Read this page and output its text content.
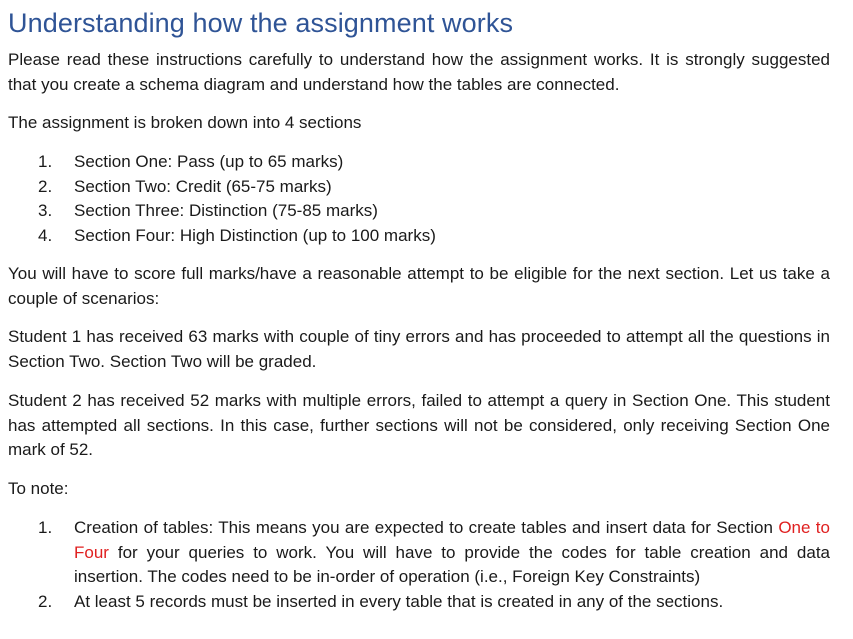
Understanding how the assignment works

Please read these instructions carefully to understand how the assignment works. It is strongly suggested that you create a schema diagram and understand how the tables are connected.

The assignment is broken down into 4 sections

1. Section One: Pass (up to 65 marks)
2. Section Two: Credit (65-75 marks)
3. Section Three: Distinction (75-85 marks)
4. Section Four: High Distinction (up to 100 marks)

You will have to score full marks/have a reasonable attempt to be eligible for the next section. Let us take a couple of scenarios:

Student 1 has received 63 marks with couple of tiny errors and has proceeded to attempt all the questions in Section Two. Section Two will be graded.

Student 2 has received 52 marks with multiple errors, failed to attempt a query in Section One. This student has attempted all sections. In this case, further sections will not be considered, only receiving Section One mark of 52.

To note:

1. Creation of tables: This means you are expected to create tables and insert data for Section One to Four for your queries to work. You will have to provide the codes for table creation and data insertion. The codes need to be in-order of operation (i.e., Foreign Key Constraints)
2. At least 5 records must be inserted in every table that is created in any of the sections.
